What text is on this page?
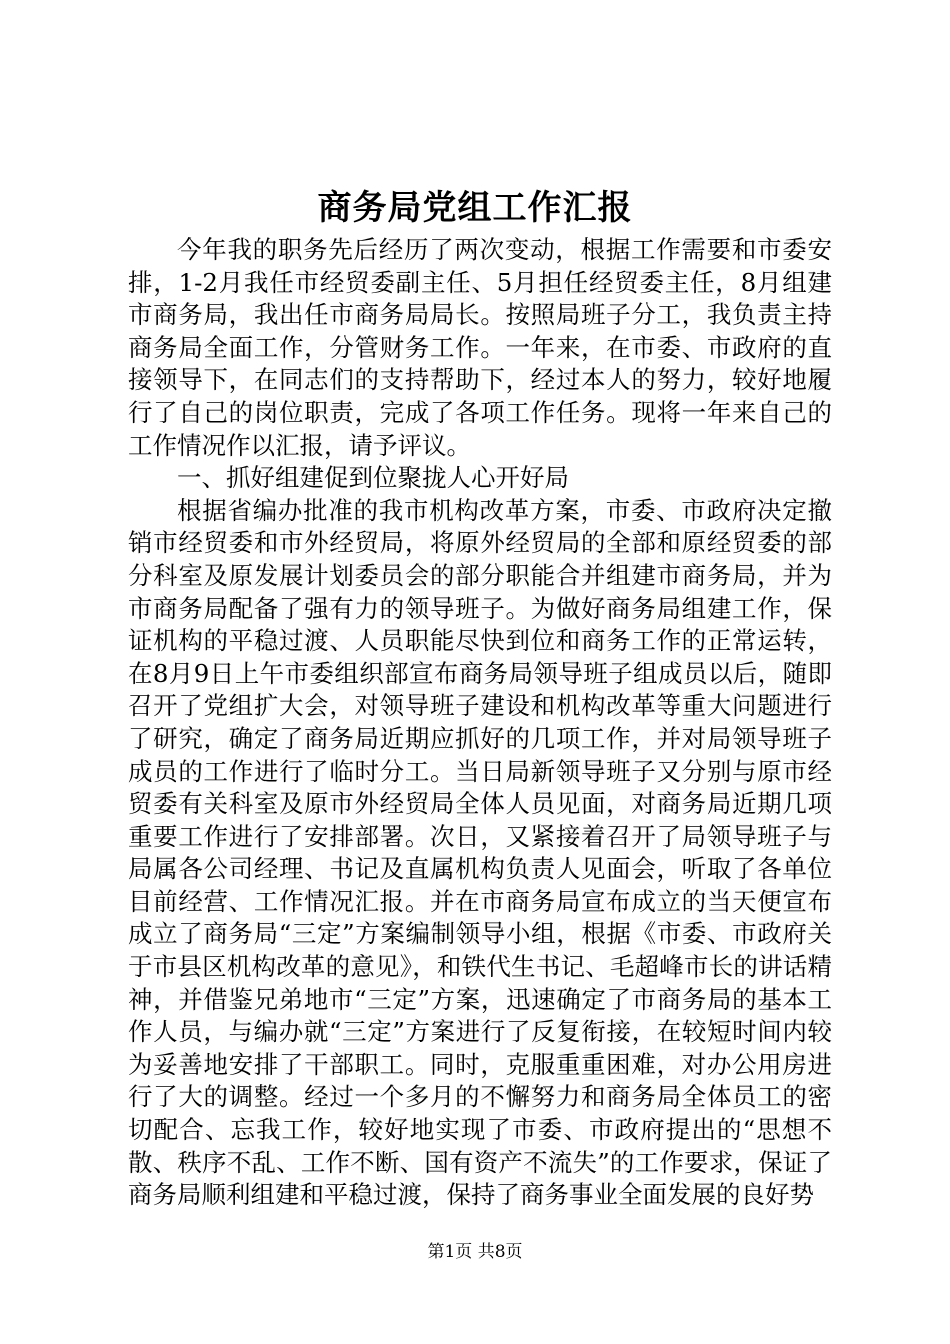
商务局党组工作汇报

今年我的职务先后经历了两次变动，根据工作需要和市委安排，1-2月我任市经贸委副主任、5月担任经贸委主任，8月组建市商务局，我出任市商务局局长。按照局班子分工，我负责主持商务局全面工作，分管财务工作。一年来，在市委、市政府的直接领导下，在同志们的支持帮助下，经过本人的努力，较好地履行了自己的岗位职责，完成了各项工作任务。现将一年来自己的工作情况作以汇报，请予评议。

一、抓好组建促到位聚拢人心开好局

根据省编办批准的我市机构改革方案，市委、市政府决定撤销市经贸委和市外经贸局，将原外经贸局的全部和原经贸委的部分科室及原发展计划委员会的部分职能合并组建市商务局，并为市商务局配备了强有力的领导班子。为做好商务局组建工作，保证机构的平稳过渡、人员职能尽快到位和商务工作的正常运转，在8月9日上午市委组织部宣布商务局领导班子组成员以后，随即召开了党组扩大会，对领导班子建设和机构改革等重大问题进行了研究，确定了商务局近期应抓好的几项工作，并对局领导班子成员的工作进行了临时分工。当日局新领导班子又分别与原市经贸委有关科室及原市外经贸局全体人员见面，对商务局近期几项重要工作进行了安排部署。次日，又紧接着召开了局领导班子与局属各公司经理、书记及直属机构负责人见面会，听取了各单位目前经营、工作情况汇报。并在市商务局宣布成立的当天便宣布成立了商务局“三定”方案编制领导小组，根据《市委、市政府关于市县区机构改革的意见》，和铁代生书记、毛超峰市长的讲话精神，并借鉴兄弟地市“三定”方案，迅速确定了市商务局的基本工作人员，与编办就“三定”方案进行了反复衔接，在较短时间内较为妥善地安排了干部职工。同时，克服重重困难，对办公用房进行了大的调整。经过一个多月的不懈努力和商务局全体员工的密切配合、忘我工作，较好地实现了市委、市政府提出的“思想不散、秩序不乱、工作不断、国有资产不流失”的工作要求，保证了商务局顺利组建和平稳过渡，保持了商务事业全面发展的良好势

第1页 共8页
